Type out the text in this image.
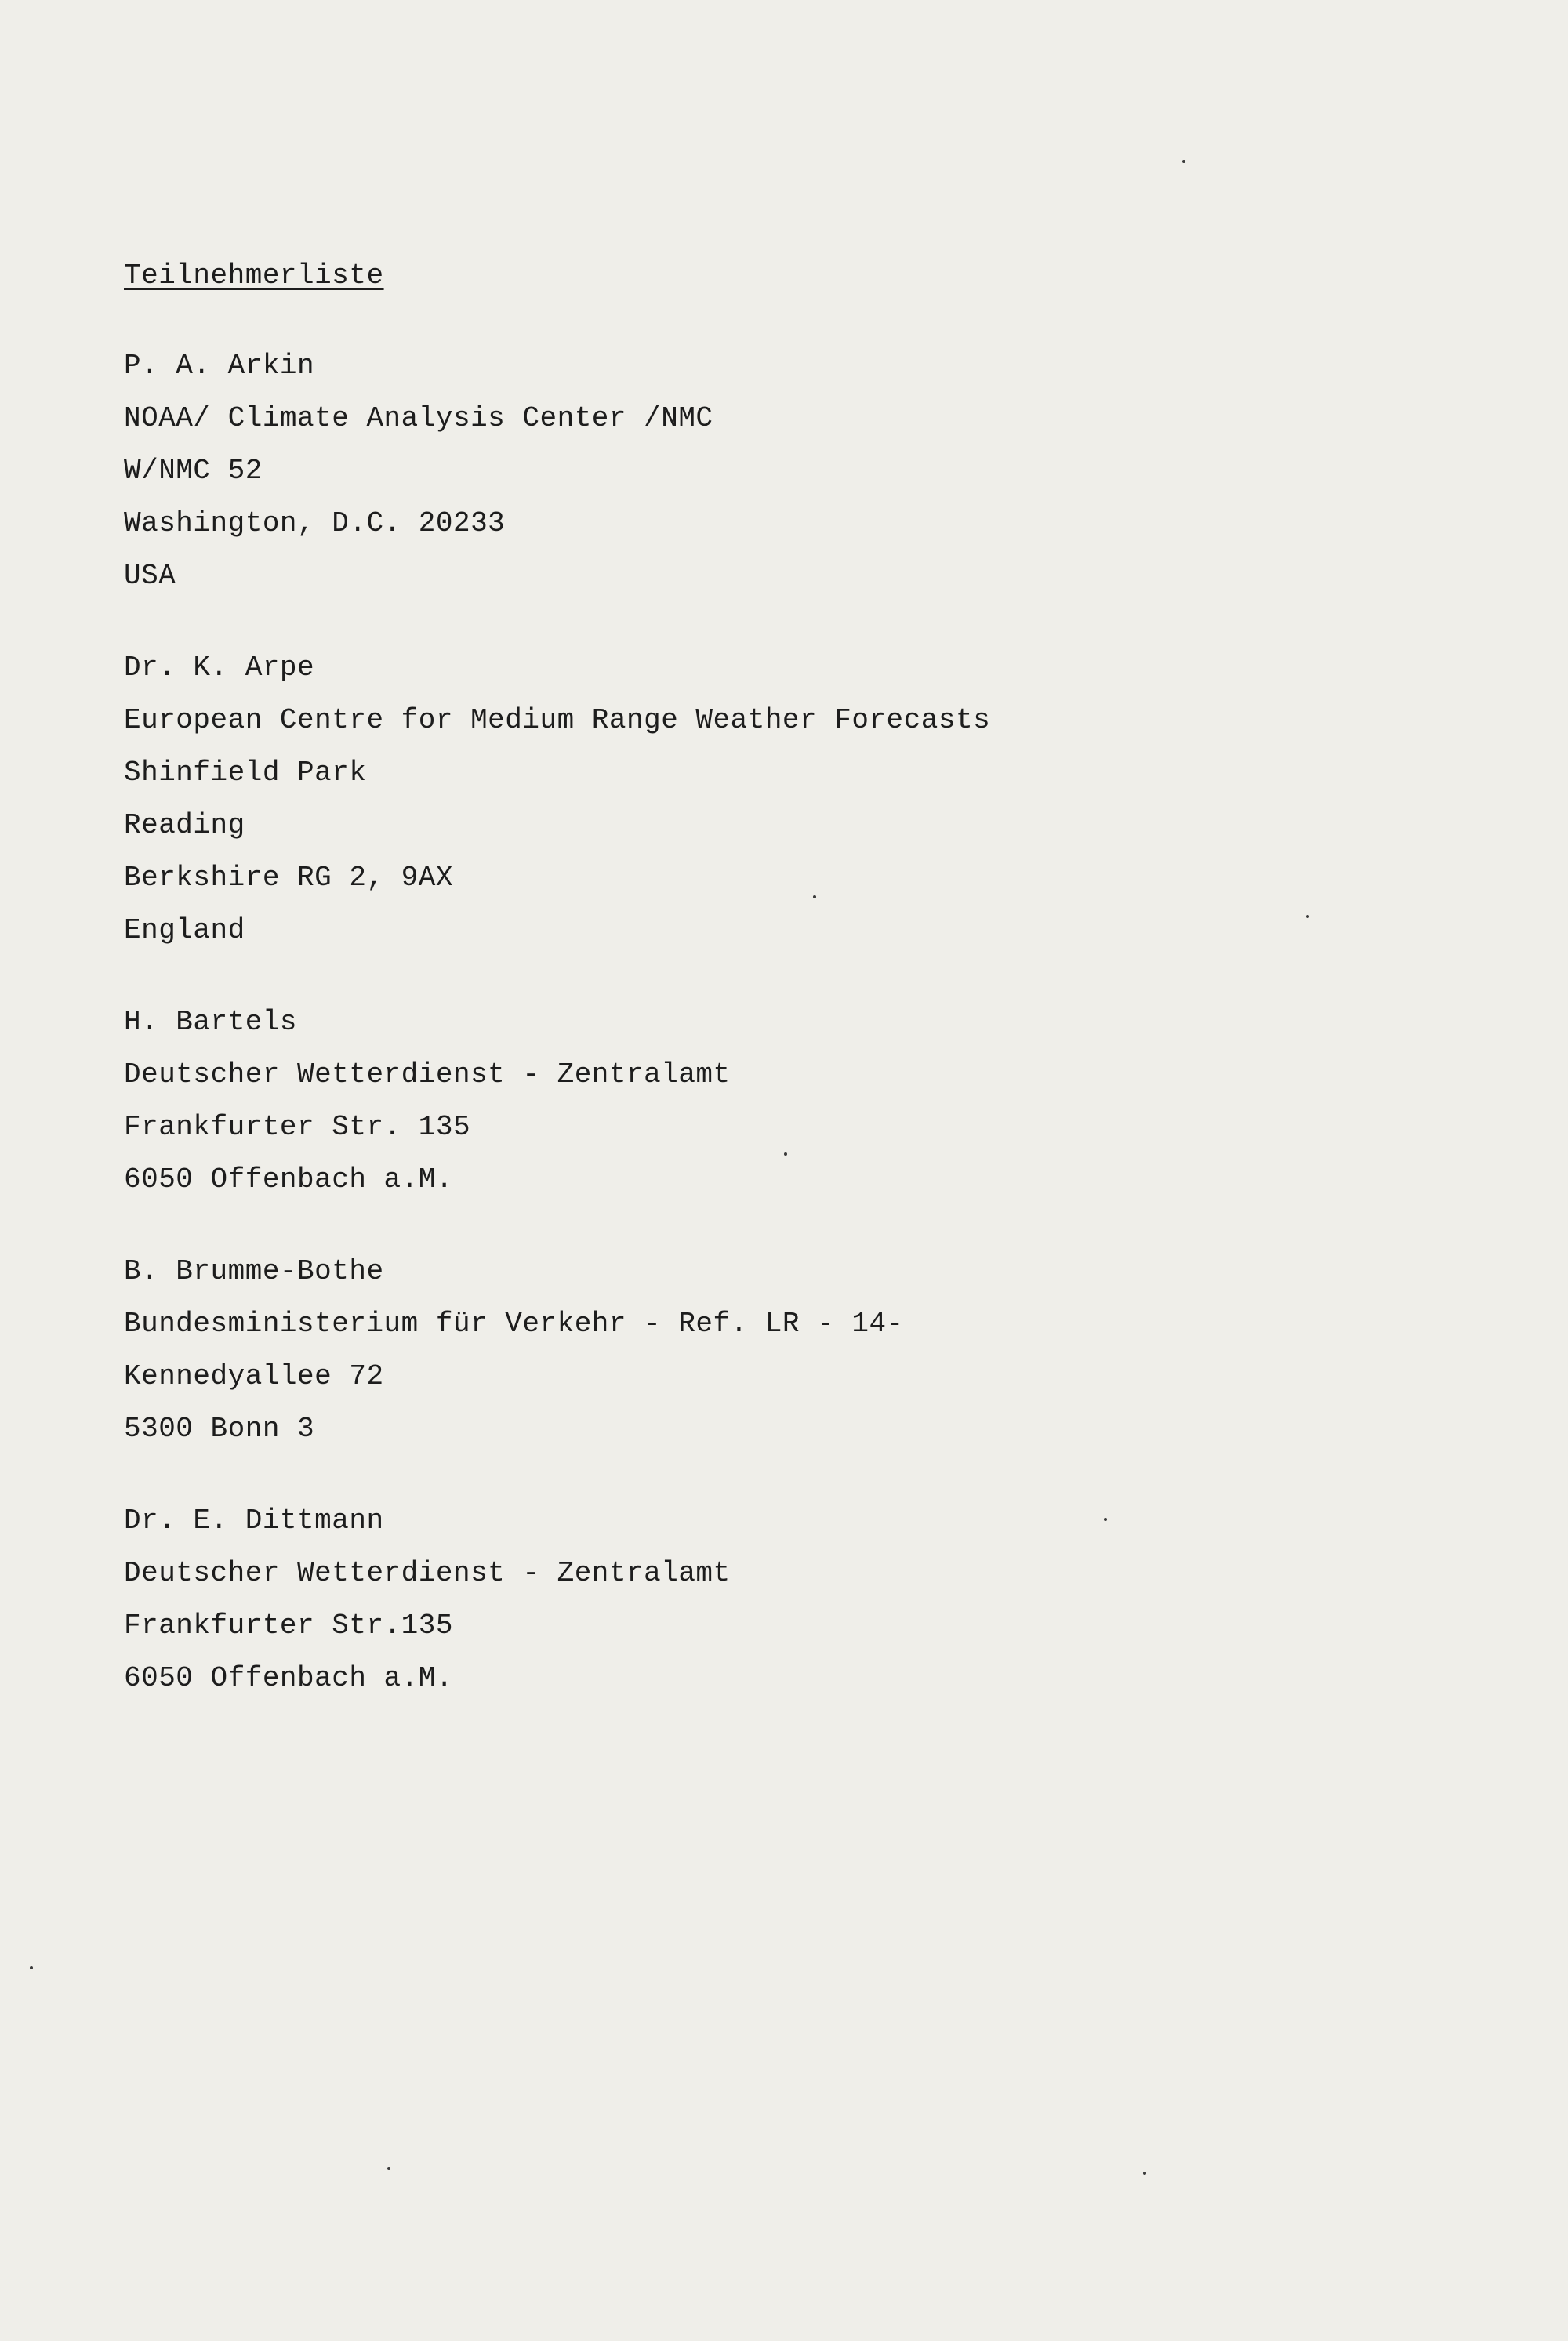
Teilnehmerliste
P. A. Arkin
NOAA/ Climate Analysis Center /NMC
W/NMC 52
Washington, D.C. 20233
USA
Dr. K. Arpe
European Centre for Medium Range Weather Forecasts
Shinfield Park
Reading
Berkshire RG 2, 9AX
England
H. Bartels
Deutscher Wetterdienst - Zentralamt
Frankfurter Str. 135
6050 Offenbach a.M.
B. Brumme-Bothe
Bundesministerium für Verkehr - Ref. LR - 14-
Kennedyallee 72
5300 Bonn 3
Dr. E. Dittmann
Deutscher Wetterdienst - Zentralamt
Frankfurter Str.135
6050 Offenbach a.M.
